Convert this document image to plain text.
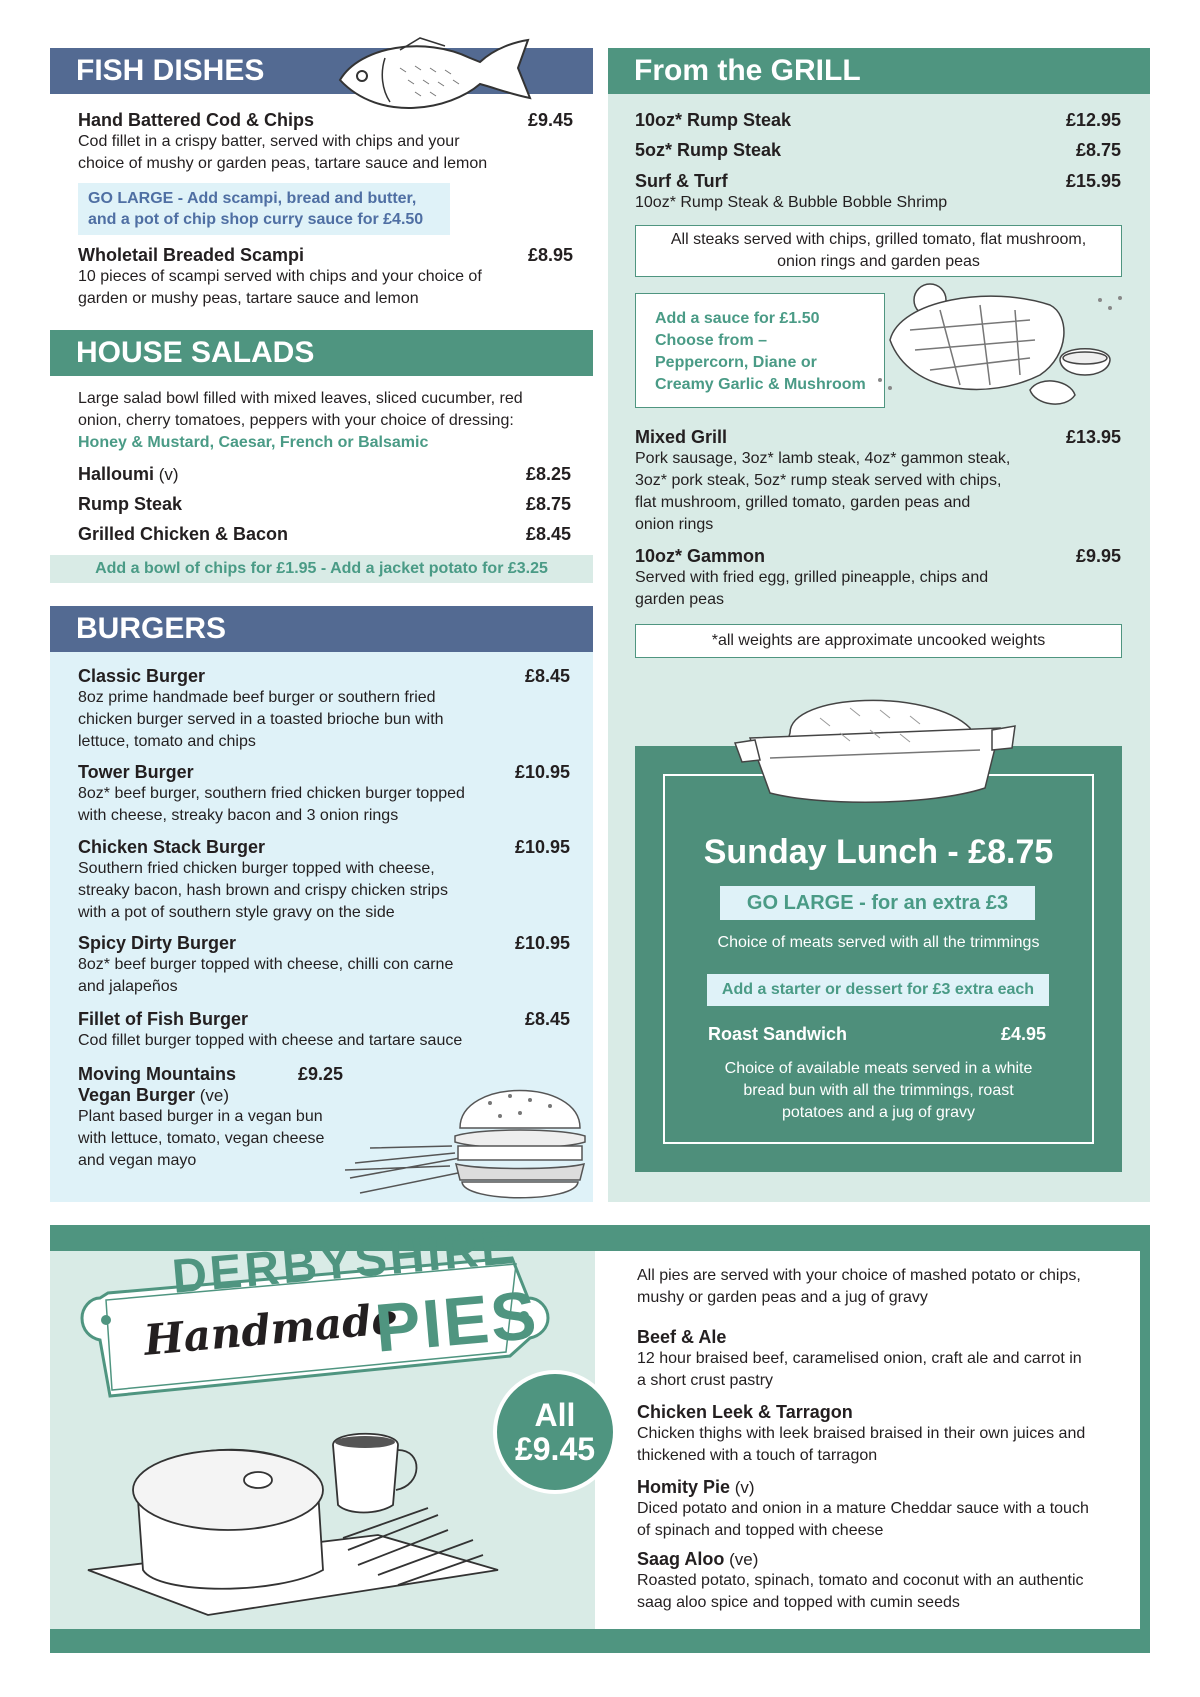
FISH DISHES
Hand Battered Cod & Chips	£9.45
Cod fillet in a crispy batter, served with chips and your
choice of mushy or garden peas, tartare sauce and lemon
GO LARGE - Add scampi, bread and butter,
and a pot of chip shop curry sauce for £4.50
Wholetail Breaded Scampi	£8.95
10 pieces of scampi served with chips and your choice of
garden or mushy peas, tartare sauce and lemon
HOUSE SALADS
Large salad bowl filled with mixed leaves, sliced cucumber, red
onion, cherry tomatoes, peppers with your choice of dressing:
Honey & Mustard, Caesar, French or Balsamic
Halloumi (v)	£8.25
Rump Steak	£8.75
Grilled Chicken & Bacon	£8.45
Add a bowl of chips for £1.95 - Add a jacket potato for £3.25
BURGERS
Classic Burger	£8.45
8oz prime handmade beef burger or southern fried
chicken burger served in a toasted brioche bun with
lettuce, tomato and chips
Tower Burger	£10.95
8oz* beef burger, southern fried chicken burger topped
with cheese, streaky bacon and 3 onion rings
Chicken Stack Burger	£10.95
Southern fried chicken burger topped with cheese,
streaky bacon, hash brown and crispy chicken strips
with a pot of southern style gravy on the side
Spicy Dirty Burger	£10.95
8oz* beef burger topped with cheese, chilli con carne
and jalapeños
Fillet of Fish Burger	£8.45
Cod fillet burger topped with cheese and tartare sauce
Moving Mountains	£9.25
Vegan Burger (ve)
Plant based burger in a vegan bun
with lettuce, tomato, vegan cheese
and vegan mayo
From the GRILL
10oz* Rump Steak	£12.95
5oz* Rump Steak	£8.75
Surf & Turf	£15.95
10oz* Rump Steak & Bubble Bobble Shrimp
All steaks served with chips, grilled tomato, flat mushroom,
onion rings and garden peas
Add a sauce for £1.50
Choose from –
Peppercorn, Diane or
Creamy Garlic & Mushroom
Mixed Grill	£13.95
Pork sausage, 3oz* lamb steak, 4oz* gammon steak,
3oz* pork steak, 5oz* rump steak served with chips,
flat mushroom, grilled tomato, garden peas and
onion rings
10oz* Gammon	£9.95
Served with fried egg, grilled pineapple, chips and
garden peas
*all weights are approximate uncooked weights
Sunday Lunch - £8.75
GO LARGE - for an extra £3
Choice of meats served with all the trimmings
Add a starter or dessert for £3 extra each
Roast Sandwich	£4.95
Choice of available meats served in a white
bread bun with all the trimmings, roast
potatoes and a jug of gravy
DERBYSHIRE
Handmade
PIES
All
£9.45
All pies are served with your choice of mashed potato or chips,
mushy or garden peas and a jug of gravy
Beef & Ale
12 hour braised beef, caramelised onion, craft ale and carrot in
a short crust pastry
Chicken Leek & Tarragon
Chicken thighs with leek braised braised in their own juices and
thickened with a touch of tarragon
Homity Pie (v)
Diced potato and onion in a mature Cheddar sauce with a touch
of spinach and topped with cheese
Saag Aloo (ve)
Roasted potato, spinach, tomato and coconut with an authentic
saag aloo spice and topped with cumin seeds
